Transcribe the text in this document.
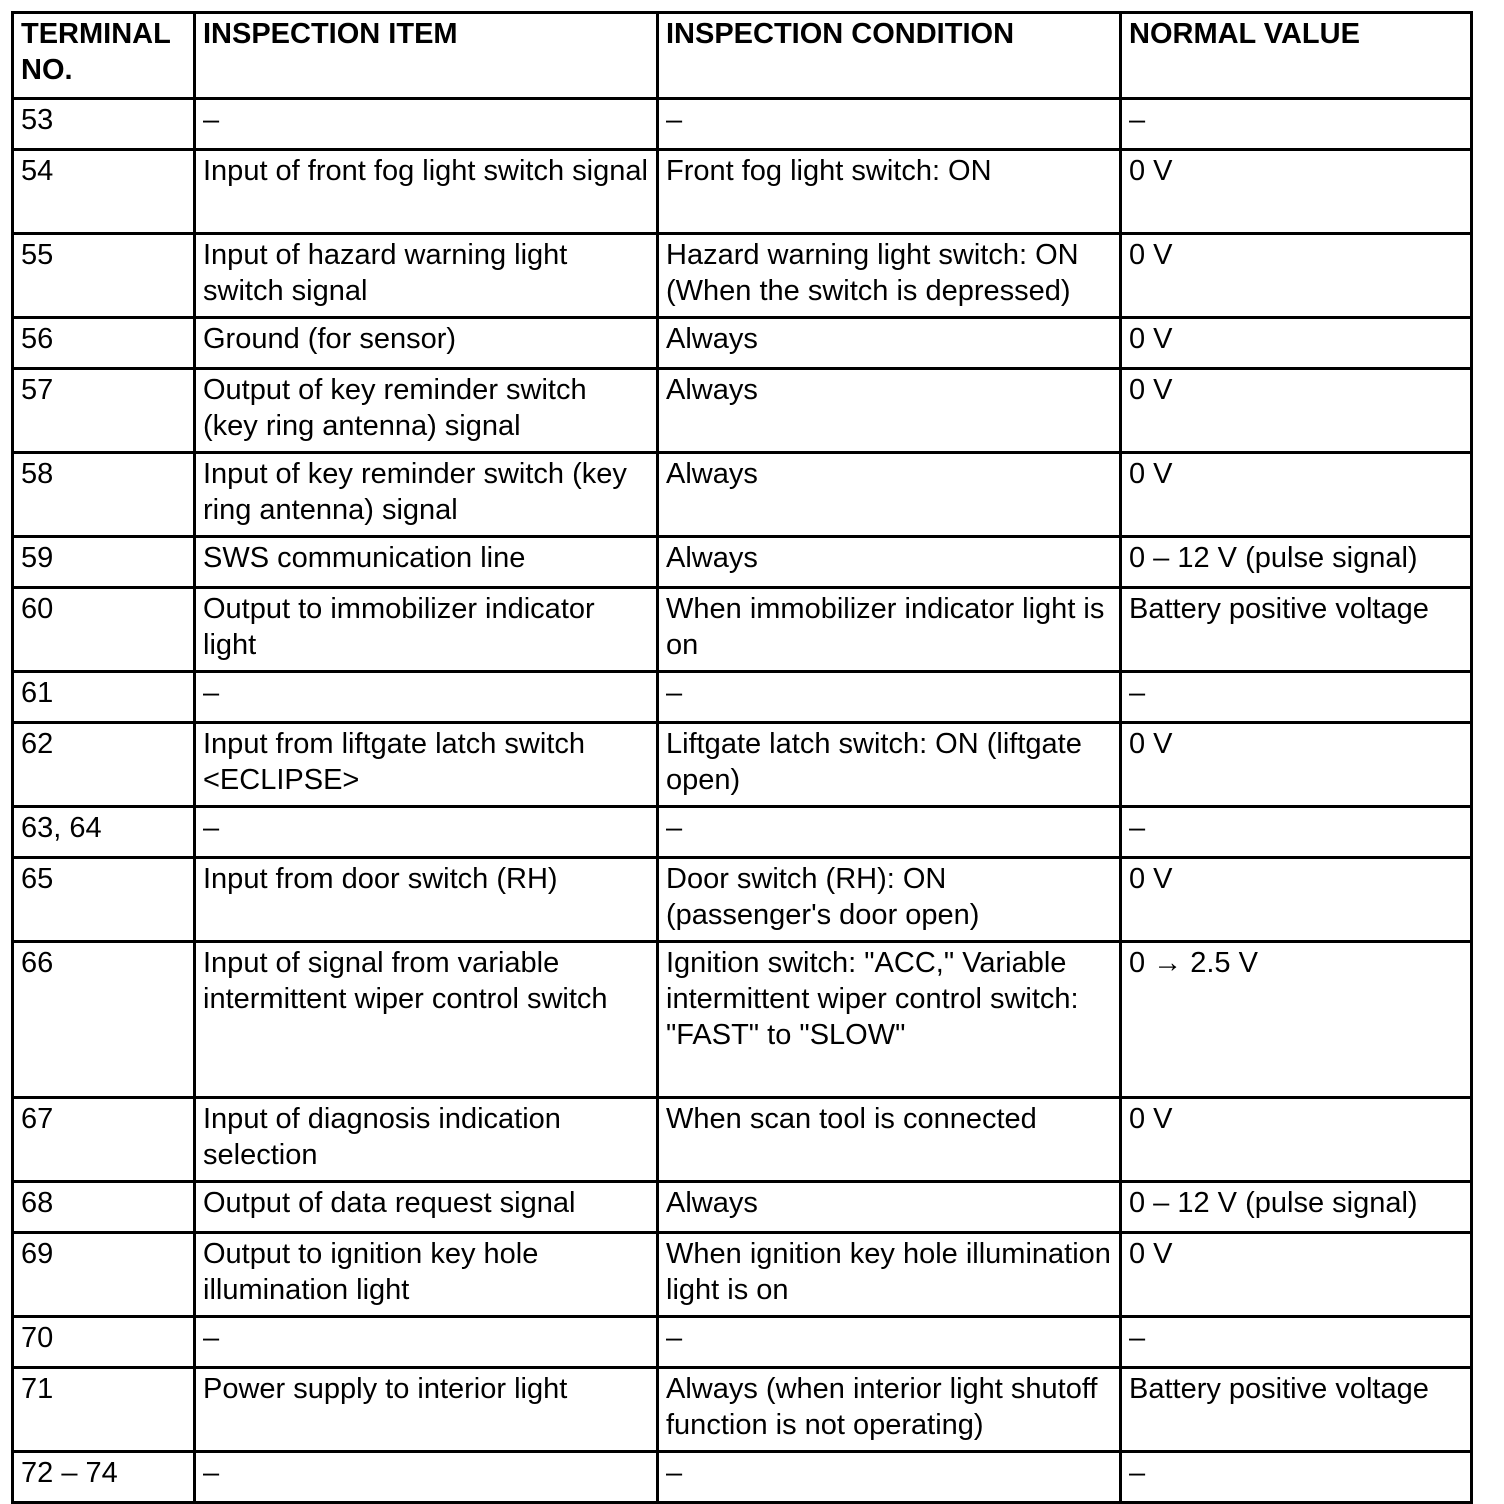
TERMINAL NO.	INSPECTION ITEM	INSPECTION CONDITION	NORMAL VALUE
53	–	–	–
54	Input of front fog light switch signal	Front fog light switch: ON	0 V
55	Input of hazard warning light switch signal	Hazard warning light switch: ON (When the switch is depressed)	0 V
56	Ground (for sensor)	Always	0 V
57	Output of key reminder switch (key ring antenna) signal	Always	0 V
58	Input of key reminder switch (key ring antenna) signal	Always	0 V
59	SWS communication line	Always	0 – 12 V (pulse signal)
60	Output to immobilizer indicator light	When immobilizer indicator light is on	Battery positive voltage
61	–	–	–
62	Input from liftgate latch switch <ECLIPSE>	Liftgate latch switch: ON (liftgate open)	0 V
63, 64	–	–	–
65	Input from door switch (RH)	Door switch (RH): ON (passenger's door open)	0 V
66	Input of signal from variable intermittent wiper control switch	Ignition switch: "ACC," Variable intermittent wiper control switch: "FAST" to "SLOW"	0 → 2.5 V
67	Input of diagnosis indication selection	When scan tool is connected	0 V
68	Output of data request signal	Always	0 – 12 V (pulse signal)
69	Output to ignition key hole illumination light	When ignition key hole illumination light is on	0 V
70	–	–	–
71	Power supply to interior light	Always (when interior light shutoff function is not operating)	Battery positive voltage
72 – 74	–	–	–
